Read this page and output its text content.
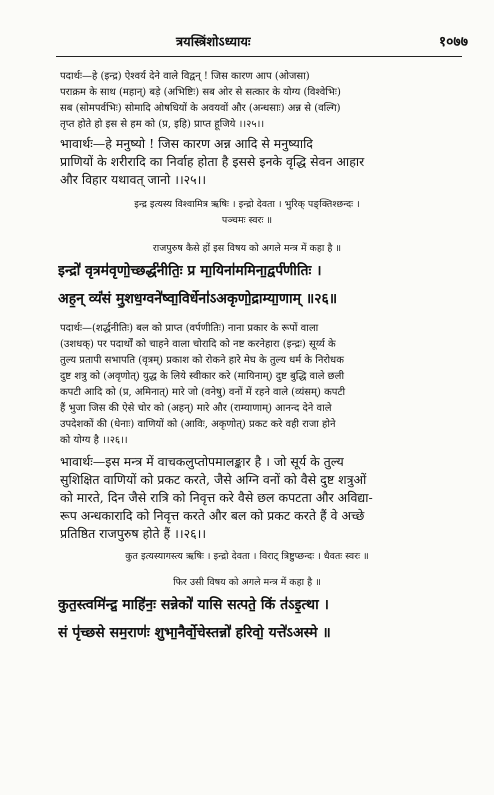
त्रयस्त्रिंशोऽध्यायः	१०७७
पदार्थः—हे (इन्द्र) ऐश्वर्य देने वाले विद्वन् ! जिस कारण आप (ओजसा)
पराक्रम के साथ (महान्) बड़े (अभिष्टिः) सब ओर से सत्कार के योग्य (विश्वेभिः)
सब (सोमपर्वभिः) सोमादि ओषधियों के अवयवों और (अन्धसाः) अन्न से (वल्गि)
तृप्त होते हो इस से हम को (प्र, इहि) प्राप्त हूजिये ।।२५।।
भावार्थः—हे मनुष्यो ! जिस कारण अन्न आदि से मनुष्यादि
प्राणियों के शरीरादि का निर्वाह होता है इससे इनके वृद्धि सेवन आहार
और विहार यथावत् जानो ।।२५।।
इन्द्र इत्यस्य विश्वामित्र ऋषिः । इन्द्रो देवता । भुरिक् पङ्क्तिश्छन्दः ।
पञ्चमः स्वरः ॥
राजपुरुष कैसे हों इस विषय को अगले मन्त्र में कहा है ॥
इन्द्रो॑ वृत्रम॑वृणो॒च्छर्द्ध॑नीतिः॒ प्र मा॒यिना॑ममिना॒द्वर्प॑णीतिः ।
अह॒न् व्यं॑सं मु॒शध॒ग्वने॑ष्वा॒विर्धेना॑ऽअकृणो॒द्राम्या॒णाम् ॥२६॥
पदार्थः—(शर्द्धनीतिः) बल को प्राप्त (वर्पणीतिः) नाना प्रकार के रूपों वाला
(उशधक्) पर पदार्थों को चाहने वाला चोरादि को नष्ट करनेहारा (इन्द्रः) सूर्य्य के
तुल्य प्रतापी सभापति (वृत्रम्) प्रकाश को रोकने हारे मेघ के तुल्य धर्म के निरोधक
दुष्ट शत्रु को (अवृणोत्) युद्ध के लिये स्वीकार करे (मायिनाम्) दुष्ट बुद्धि वाले छली
कपटी आदि को (प्र, अमिनात्) मारे जो (वनेषु) वनों में रहने वाले (व्यंसम्) कपटी
हैं भुजा जिस की ऐसे चोर को (अहन्) मारे और (राम्याणाम्) आनन्द देने वाले
उपदेशकों की (धेनाः) वाणियों को (आविः, अकृणोत्) प्रकट करे वही राजा होने
को योग्य है ।।२६।।
भावार्थः—इस मन्त्र में वाचकलुप्तोपमालङ्कार है । जो सूर्य के तुल्य
सुशिक्षित वाणियों को प्रकट करते, जैसे अग्नि वनों को वैसे दुष्ट शत्रुओं
को मारते, दिन जैसे रात्रि को निवृत्त करे वैसे छल कपटता और अविद्या-
रूप अन्धकारादि को निवृत्त करते और बल को प्रकट करते हैं वे अच्छे
प्रतिष्ठित राजपुरुष होते हैं ।।२६।।
कुत इत्यस्यागस्त्य ऋषिः । इन्द्रो देवता । विराट् त्रिष्टुप्छन्दः । धैवतः स्वरः ॥
फिर उसी विषय को अगले मन्त्र में कहा है ॥
कुत॒स्त्वमि॑न्द्र॒ माहि॑नः॒ सन्नेको॑ यासि सत्पते॒ किं त॑ऽइ॒त्था ।
सं पृ॑च्छसे सम॒राणः॑ शुभा॒नैर्वो॒चेस्तन्नो॑ हरिवो॒ यत्ते॑ऽअस्मे ॥
